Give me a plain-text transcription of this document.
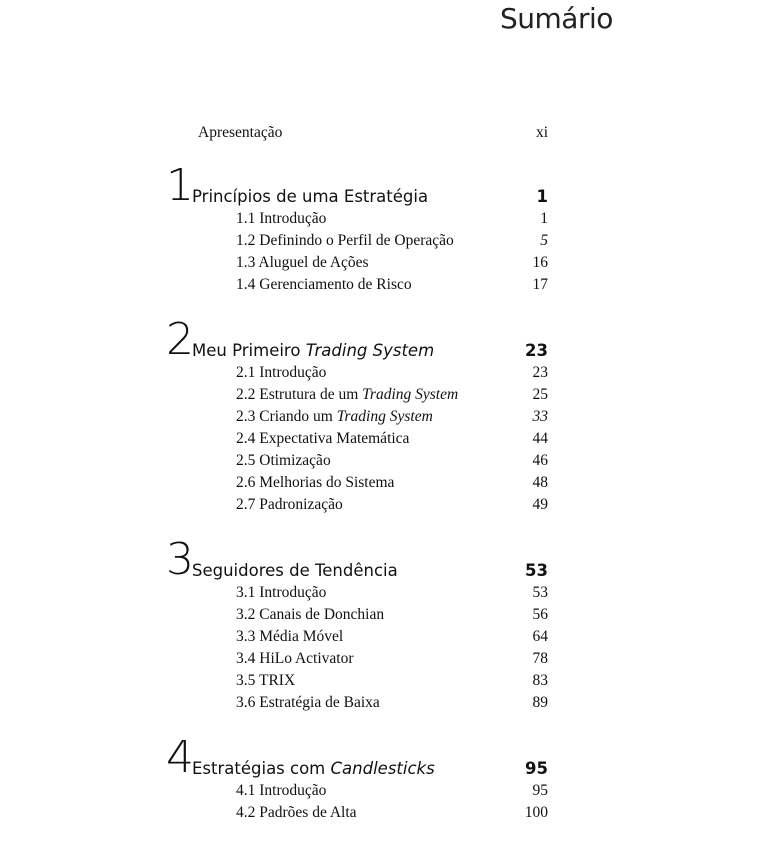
Sumário
Apresentação	xi
1 Princípios de uma Estratégia	1
1.1 Introdução	1
1.2 Definindo o Perfil de Operação	5
1.3 Aluguel de Ações	16
1.4 Gerenciamento de Risco	17
2 Meu Primeiro Trading System	23
2.1 Introdução	23
2.2 Estrutura de um Trading System	25
2.3 Criando um Trading System	33
2.4 Expectativa Matemática	44
2.5 Otimização	46
2.6 Melhorias do Sistema	48
2.7 Padronização	49
3 Seguidores de Tendência	53
3.1 Introdução	53
3.2 Canais de Donchian	56
3.3 Média Móvel	64
3.4 HiLo Activator	78
3.5 TRIX	83
3.6 Estratégia de Baixa	89
4 Estratégias com Candlesticks	95
4.1 Introdução	95
4.2 Padrões de Alta	100
